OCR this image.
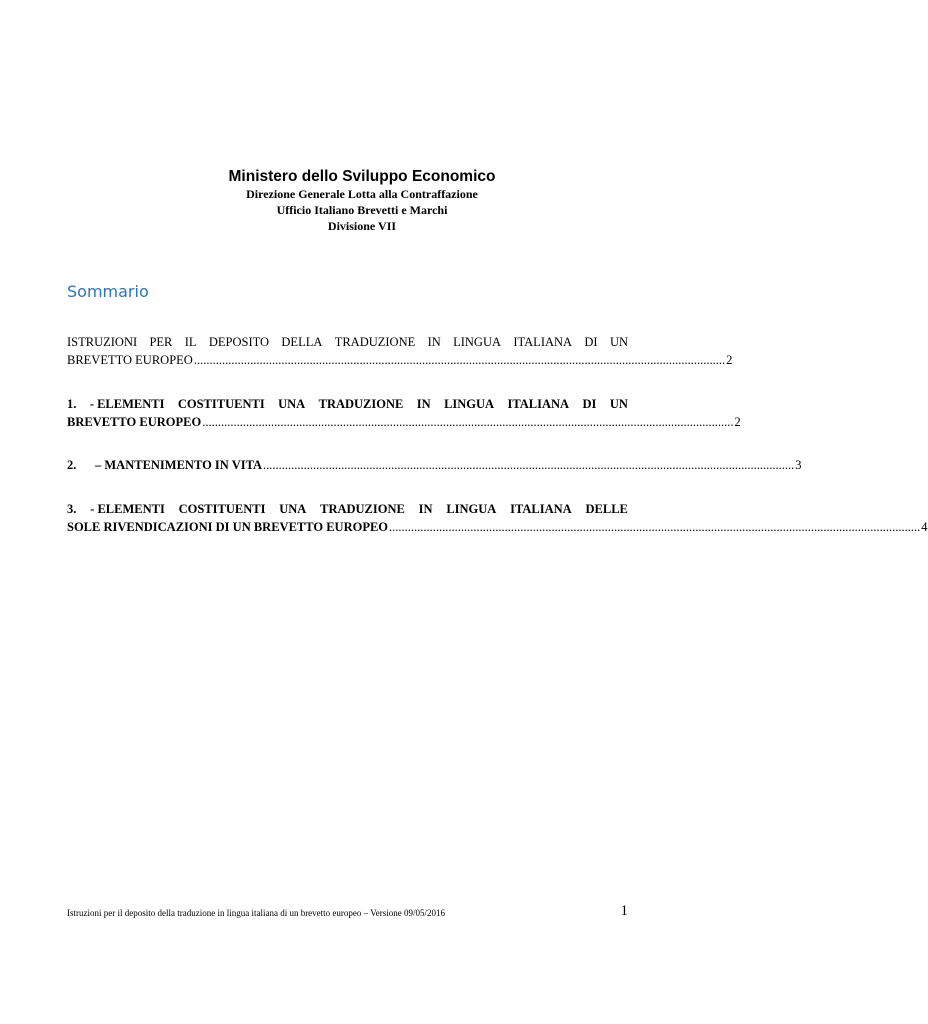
Ministero dello Sviluppo Economico

Direzione Generale Lotta alla Contraffazione

Ufficio Italiano Brevetti e Marchi

Divisione VII

Sommario
ISTRUZIONI PER IL DEPOSITO DELLA TRADUZIONE IN LINGUA ITALIANA DI UN
BREVETTO EUROPEO .......................................................................................................................................................................... 2
1. - ELEMENTI COSTITUENTI UNA TRADUZIONE IN LINGUA ITALIANA DI UN
BREVETTO EUROPEO .......................................................................................................................................................................... 2
2.	– MANTENIMENTO IN VITA .......................................................................................................................................................................... 3
3. - ELEMENTI COSTITUENTI UNA TRADUZIONE IN LINGUA ITALIANA DELLE
SOLE RIVENDICAZIONI DI UN BREVETTO EUROPEO .......................................................................................................................................................................... 4
Istruzioni per il deposito della traduzione in lingua italiana di un brevetto europeo – Versione 09/05/2016	1
